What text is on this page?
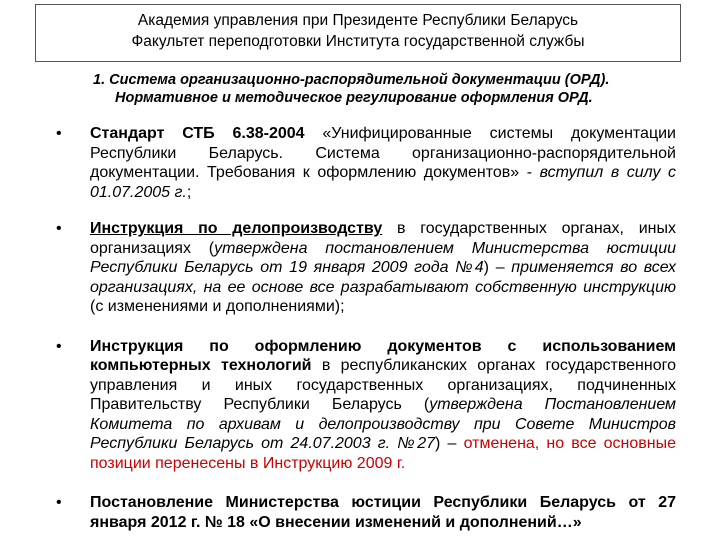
Академия управления при Президенте Республики Беларусь
Факультет переподготовки Института государственной службы
1. Система организационно-распорядительной документации (ОРД).
Нормативное и методическое регулирование оформления ОРД.
•	Стандарт СТБ 6.38-2004 «Унифицированные системы документации Республики Беларусь. Система организационно-распорядительной документации. Требования к оформлению документов» - вступил в силу с 01.07.2005 г.;
•	Инструкция по делопроизводству в государственных органах, иных организациях (утверждена постановлением Министерства юстиции Республики Беларусь от 19 января 2009 года №4) – применяется во всех организациях, на ее основе все разрабатывают собственную инструкцию (с изменениями и дополнениями);
•	Инструкция по оформлению документов с использованием компьютерных технологий в республиканских органах государственного управления и иных государственных организациях, подчиненных Правительству Республики Беларусь (утверждена Постановлением Комитета по архивам и делопроизводству при Совете Министров Республики Беларусь от 24.07.2003 г. №27) – отменена, но все основные позиции перенесены в Инструкцию 2009 г.
•	Постановление Министерства юстиции Республики Беларусь от 27 января 2012 г. № 18 «О внесении изменений и дополнений…»
